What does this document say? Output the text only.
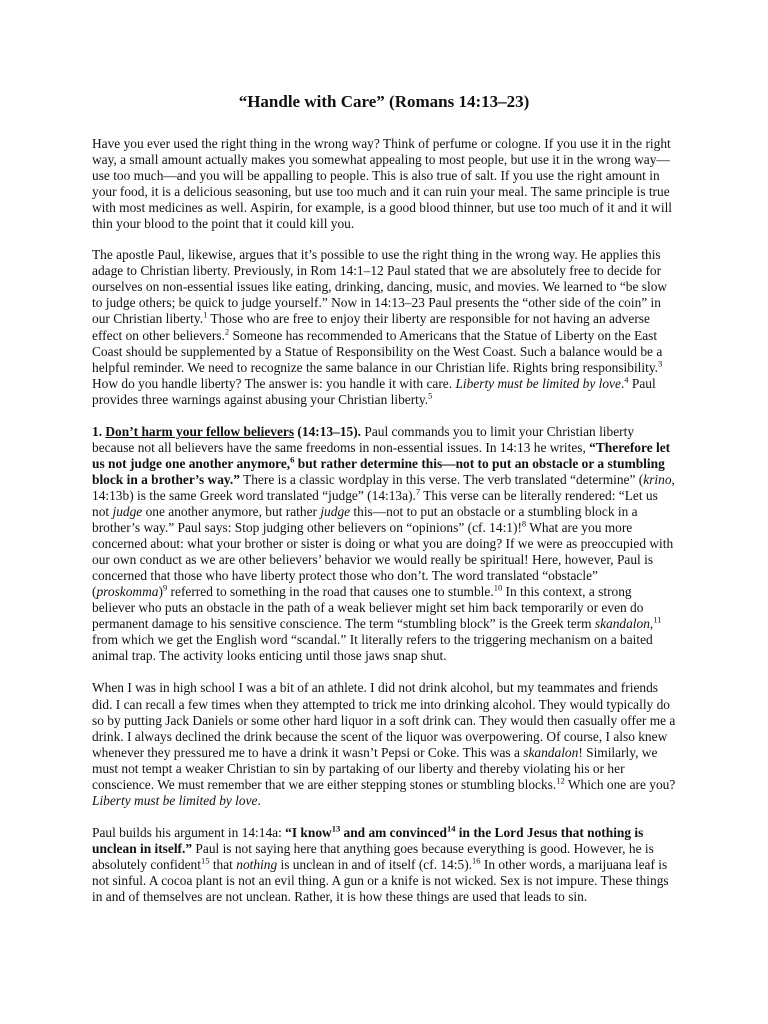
“Handle with Care” (Romans 14:13–23)

Have you ever used the right thing in the wrong way? Think of perfume or cologne. If you use it in the right way, a small amount actually makes you somewhat appealing to most people, but use it in the wrong way—use too much—and you will be appalling to people. This is also true of salt. If you use the right amount in your food, it is a delicious seasoning, but use too much and it can ruin your meal. The same principle is true with most medicines as well. Aspirin, for example, is a good blood thinner, but use too much of it and it will thin your blood to the point that it could kill you.

The apostle Paul, likewise, argues that it’s possible to use the right thing in the wrong way. He applies this adage to Christian liberty. Previously, in Rom 14:1–12 Paul stated that we are absolutely free to decide for ourselves on non-essential issues like eating, drinking, dancing, music, and movies. We learned to “be slow to judge others; be quick to judge yourself.” Now in 14:13–23 Paul presents the “other side of the coin” in our Christian liberty.$^1$ Those who are free to enjoy their liberty are responsible for not having an adverse effect on other believers.$^2$ Someone has recommended to Americans that the Statue of Liberty on the East Coast should be supplemented by a Statue of Responsibility on the West Coast. Such a balance would be a helpful reminder. We need to recognize the same balance in our Christian life. Rights bring responsibility.$^3$ How do you handle liberty? The answer is: you handle it with care. Liberty must be limited by love.$^4$ Paul provides three warnings against abusing your Christian liberty.$^5$

1. Don’t harm your fellow believers (14:13–15). Paul commands you to limit your Christian liberty because not all believers have the same freedoms in non-essential issues. In 14:13 he writes, “Therefore let us not judge one another anymore,$^6$ but rather determine this—not to put an obstacle or a stumbling block in a brother’s way.” There is a classic wordplay in this verse. The verb translated “determine” (krino, 14:13b) is the same Greek word translated “judge” (14:13a).$^7$ This verse can be literally rendered: “Let us not judge one another anymore, but rather judge this—not to put an obstacle or a stumbling block in a brother’s way.” Paul says: Stop judging other believers on “opinions” (cf. 14:1)!$^8$ What are you more concerned about: what your brother or sister is doing or what you are doing? If we were as preoccupied with our own conduct as we are other believers’ behavior we would really be spiritual! Here, however, Paul is concerned that those who have liberty protect those who don’t. The word translated “obstacle” (proskomma)$^9$ referred to something in the road that causes one to stumble.$^{10}$ In this context, a strong believer who puts an obstacle in the path of a weak believer might set him back temporarily or even do permanent damage to his sensitive conscience. The term “stumbling block” is the Greek term skandalon,$^{11}$ from which we get the English word “scandal.” It literally refers to the triggering mechanism on a baited animal trap. The activity looks enticing until those jaws snap shut.

When I was in high school I was a bit of an athlete. I did not drink alcohol, but my teammates and friends did. I can recall a few times when they attempted to trick me into drinking alcohol. They would typically do so by putting Jack Daniels or some other hard liquor in a soft drink can. They would then casually offer me a drink. I always declined the drink because the scent of the liquor was overpowering. Of course, I also knew whenever they pressured me to have a drink it wasn’t Pepsi or Coke. This was a skandalon! Similarly, we must not tempt a weaker Christian to sin by partaking of our liberty and thereby violating his or her conscience. We must remember that we are either stepping stones or stumbling blocks.$^{12}$ Which one are you? Liberty must be limited by love.

Paul builds his argument in 14:14a: “I know$^{13}$ and am convinced$^{14}$ in the Lord Jesus that nothing is unclean in itself.” Paul is not saying here that anything goes because everything is good. However, he is absolutely confident$^{15}$ that nothing is unclean in and of itself (cf. 14:5).$^{16}$ In other words, a marijuana leaf is not sinful. A cocoa plant is not an evil thing. A gun or a knife is not wicked. Sex is not impure. These things in and of themselves are not unclean. Rather, it is how these things are used that leads to sin.
